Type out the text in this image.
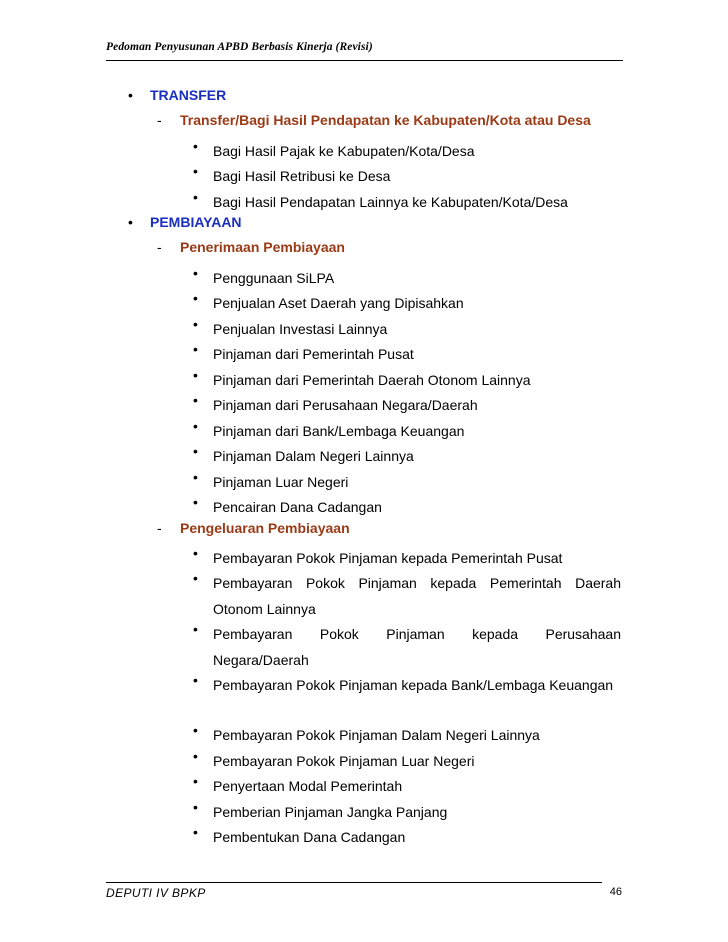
Pedoman Penyusunan APBD Berbasis Kinerja (Revisi)
• TRANSFER
- Transfer/Bagi Hasil Pendapatan ke Kabupaten/Kota atau Desa
• Bagi Hasil Pajak ke Kabupaten/Kota/Desa
• Bagi Hasil Retribusi ke Desa
• Bagi Hasil Pendapatan Lainnya ke Kabupaten/Kota/Desa
• PEMBIAYAAN
- Penerimaan Pembiayaan
• Penggunaan SiLPA
• Penjualan Aset Daerah yang Dipisahkan
• Penjualan Investasi Lainnya
• Pinjaman dari Pemerintah Pusat
• Pinjaman dari Pemerintah Daerah Otonom Lainnya
• Pinjaman dari Perusahaan Negara/Daerah
• Pinjaman dari Bank/Lembaga Keuangan
• Pinjaman Dalam Negeri Lainnya
• Pinjaman Luar Negeri
• Pencairan Dana Cadangan
- Pengeluaran Pembiayaan
• Pembayaran Pokok Pinjaman kepada Pemerintah Pusat
• Pembayaran Pokok Pinjaman kepada Pemerintah Daerah Otonom Lainnya
• Pembayaran Pokok Pinjaman kepada Perusahaan Negara/Daerah
• Pembayaran Pokok Pinjaman kepada Bank/Lembaga Keuangan
• Pembayaran Pokok Pinjaman Dalam Negeri Lainnya
• Pembayaran Pokok Pinjaman Luar Negeri
• Penyertaan Modal Pemerintah
• Pemberian Pinjaman Jangka Panjang
• Pembentukan Dana Cadangan
DEPUTI IV BPKP	46
